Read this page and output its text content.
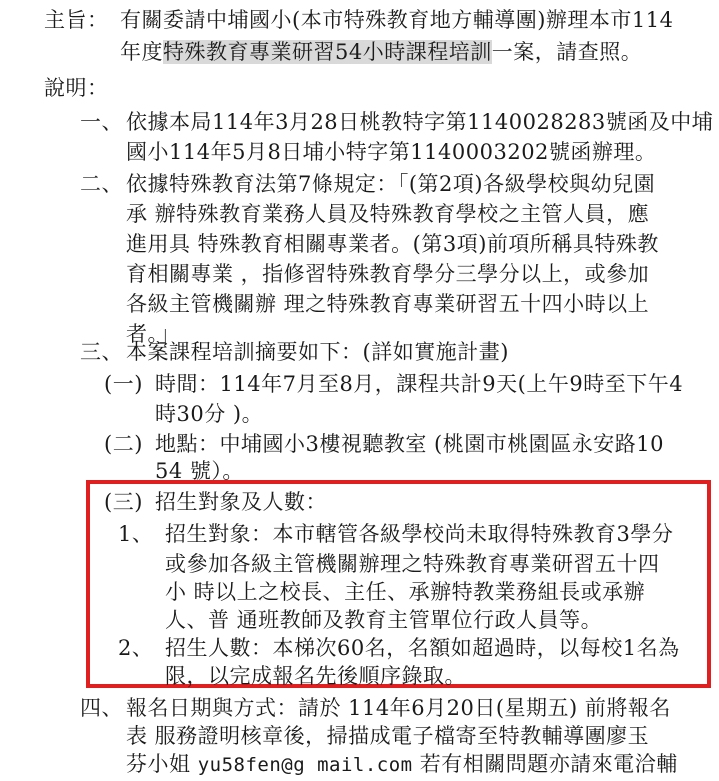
主旨： 有關委請中埔國小(本市特殊教育地方輔導團)辦理本市114
年度特殊教育專業研習54小時課程培訓一案，請查照。
說明：
一、 依據本局114年3月28日桃教特字第1140028283號函及中埔
國小114年5月8日埔小特字第1140003202號函辦理。
二、 依據特殊教育法第7條規定：「(第2項)各級學校與幼兒園
承 辦特殊教育業務人員及特殊教育學校之主管人員，應
進用具 特殊教育相關專業者。(第3項)前項所稱具特殊教
育相關專業 ，指修習特殊教育學分三學分以上，或參加
各級主管機關辦 理之特殊教育專業研習五十四小時以上
者。」
三、 本案課程培訓摘要如下：(詳如實施計畫)
(一) 時間：114年7月至8月，課程共計9天(上午9時至下午4
時30分 )。
(二) 地點：中埔國小3樓視聽教室 (桃園市桃園區永安路10
54 號）。
(三) 招生對象及人數：
1、 招生對象：本市轄管各級學校尚未取得特殊教育3學分
或參加各級主管機關辦理之特殊教育專業研習五十四
小 時以上之校長、主任、承辦特教業務組長或承辦
人、普 通班教師及教育主管單位行政人員等。
2、 招生人數：本梯次60名，名額如超過時，以每校1名為
限，以完成報名先後順序錄取。
四、 報名日期與方式：請於 114年6月20日(星期五) 前將報名
表 服務證明核章後，掃描成電子檔寄至特教輔導團廖玉
芬小姐 yu58fen@g mail.com 若有相關問題亦請來電洽輔
